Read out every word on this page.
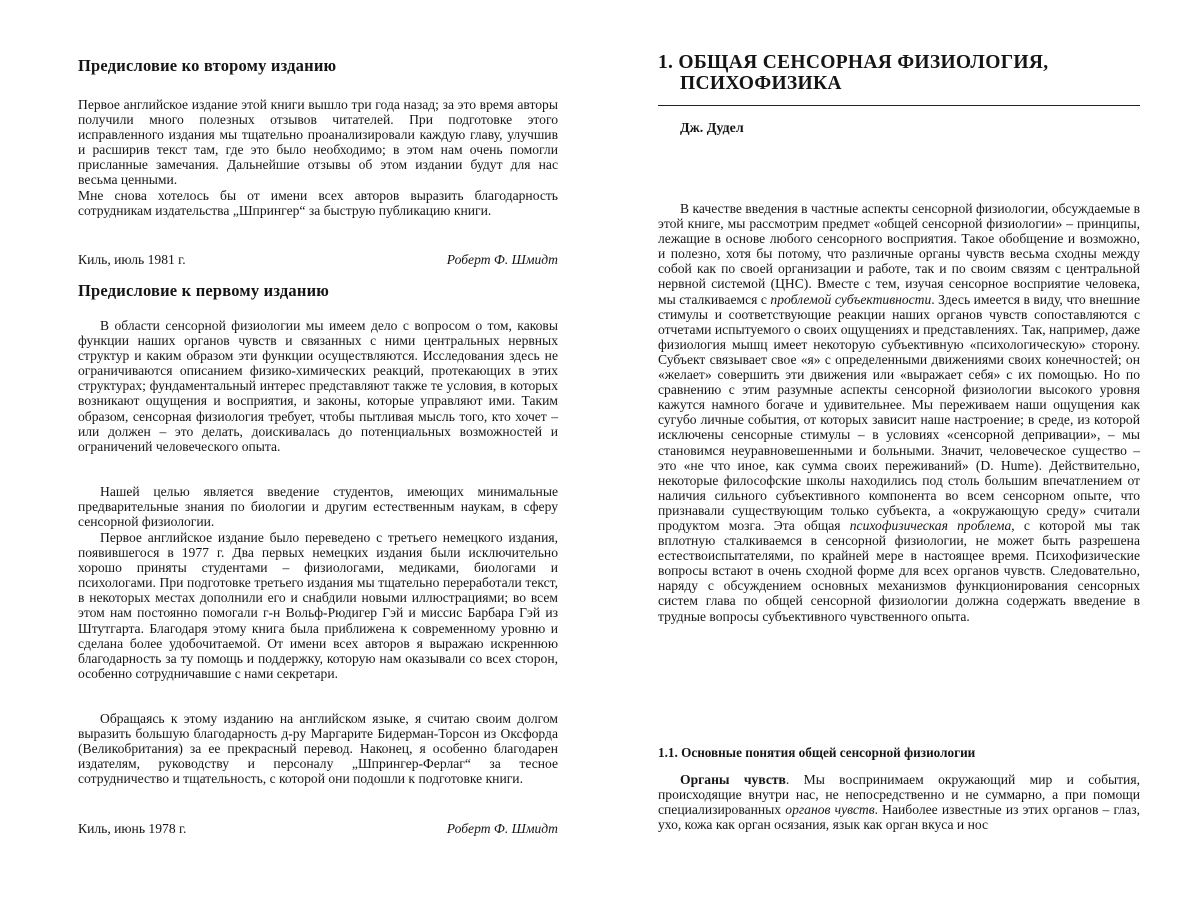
Предисловие ко второму изданию

Первое английское издание этой книги вышло три года назад; за это время авторы получили много полезных отзывов читателей. При подготовке этого исправленного издания мы тщательно проанализировали каждую главу, улучшив и расширив текст там, где это было необходимо; в этом нам очень помогли присланные замечания. Дальнейшие отзывы об этом издании будут для нас весьма ценными.

Мне снова хотелось бы от имени всех авторов выразить благодарность сотрудникам издательства „Шпрингер“ за быструю публикацию книги.

Киль, июль 1981 г.	Роберт Ф. Шмидт
Предисловие к первому изданию

В области сенсорной физиологии мы имеем дело с вопросом о том, каковы функции наших органов чувств и связанных с ними центральных нервных структур и каким образом эти функции осуществляются. Исследования здесь не ограничиваются описанием физико-химических реакций, протекающих в этих структурах; фундаментальный интерес представляют также те условия, в которых возникают ощущения и восприятия, и законы, которые управляют ими. Таким образом, сенсорная физиология требует, чтобы пытливая мысль того, кто хочет – или должен – это делать, доискивалась до потенциальных возможностей и ограничений человеческого опыта.

Нашей целью является введение студентов, имеющих минимальные предварительные знания по биологии и другим естественным наукам, в сферу сенсорной физиологии.

Первое английское издание было переведено с третьего немецкого издания, появившегося в 1977 г. Два первых немецких издания были исключительно хорошо приняты студентами – физиологами, медиками, биологами и психологами. При подготовке третьего издания мы тщательно переработали текст, в некоторых местах дополнили его и снабдили новыми иллюстрациями; во всем этом нам постоянно помогали г-н Вольф-Рюдигер Гэй и миссис Барбара Гэй из Штутгарта. Благодаря этому книга была приближена к современному уровню и сделана более удобочитаемой. От имени всех авторов я выражаю искреннюю благодарность за ту помощь и поддержку, которую нам оказывали со всех сторон, особенно сотрудничавшие с нами секретари.

Обращаясь к этому изданию на английском языке, я считаю своим долгом выразить большую благодарность д-ру Маргарите Бидерман-Торсон из Оксфорда (Великобритания) за ее прекрасный перевод. Наконец, я особенно благодарен издателям, руководству и персоналу „Шпрингер-Ферлаг“ за тесное сотрудничество и тщательность, с которой они подошли к подготовке книги.

Киль, июнь 1978 г.	Роберт Ф. Шмидт
1. ОБЩАЯ СЕНСОРНАЯ ФИЗИОЛОГИЯ,
ПСИХОФИЗИКА

Дж. Дудел

В качестве введения в частные аспекты сенсорной физиологии, обсуждаемые в этой книге, мы рассмотрим предмет «общей сенсорной физиологии» – принципы, лежащие в основе любого сенсорного восприятия. Такое обобщение и возможно, и полезно, хотя бы потому, что различные органы чувств весьма сходны между собой как по своей организации и работе, так и по своим связям с центральной нервной системой (ЦНС). Вместе с тем, изучая сенсорное восприятие человека, мы сталкиваемся с проблемой субъективности. Здесь имеется в виду, что внешние стимулы и соответствующие реакции наших органов чувств сопоставляются с отчетами испытуемого о своих ощущениях и представлениях. Так, например, даже физиология мышц имеет некоторую субъективную «психологическую» сторону. Субъект связывает свое «я» с определенными движениями своих конечностей; он «желает» совершить эти движения или «выражает себя» с их помощью. Но по сравнению с этим разумные аспекты сенсорной физиологии высокого уровня кажутся намного богаче и удивительнее. Мы переживаем наши ощущения как сугубо личные события, от которых зависит наше настроение; в среде, из которой исключены сенсорные стимулы – в условиях «сенсорной депривации», – мы становимся неуравновешенными и больными. Значит, человеческое существо – это «не что иное, как сумма своих переживаний» (D. Hume). Действительно, некоторые философские школы находились под столь большим впечатлением от наличия сильного субъективного компонента во всем сенсорном опыте, что признавали существующим только субъекта, а «окружающую среду» считали продуктом мозга. Эта общая психофизическая проблема, с которой мы так вплотную сталкиваемся в сенсорной физиологии, не может быть разрешена естествоиспытателями, по крайней мере в настоящее время. Психофизические вопросы встают в очень сходной форме для всех органов чувств. Следовательно, наряду с обсуждением основных механизмов функционирования сенсорных систем глава по общей сенсорной физиологии должна содержать введение в трудные вопросы субъективного чувственного опыта.

1.1. Основные понятия общей сенсорной физиологии

Органы чувств. Мы воспринимаем окружающий мир и события, происходящие внутри нас, не непосредственно и не суммарно, а при помощи специализированных органов чувств. Наиболее известные из этих органов – глаз, ухо, кожа как орган осязания, язык как орган вкуса и нос
